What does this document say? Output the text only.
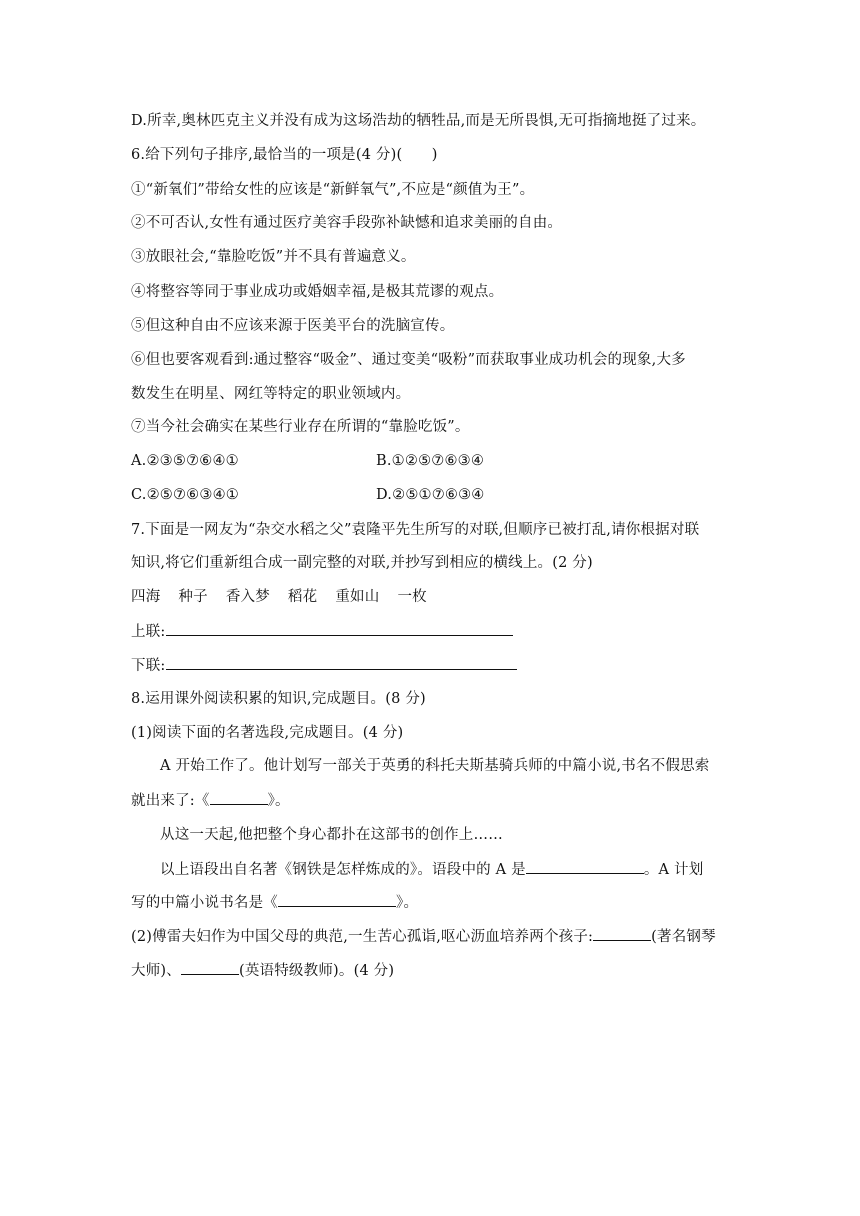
D.所幸,奥林匹克主义并没有成为这场浩劫的牺牲品,而是无所畏惧,无可指摘地挺了过来。
6.给下列句子排序,最恰当的一项是(4 分)(　　)
①“新氧们”带给女性的应该是“新鲜氧气”,不应是“颜值为王”。
②不可否认,女性有通过医疗美容手段弥补缺憾和追求美丽的自由。
③放眼社会,“靠脸吃饭”并不具有普遍意义。
④将整容等同于事业成功或婚姻幸福,是极其荒谬的观点。
⑤但这种自由不应该来源于医美平台的洗脑宣传。
⑥但也要客观看到:通过整容“吸金”、通过变美“吸粉”而获取事业成功机会的现象,大多
数发生在明星、网红等特定的职业领域内。
⑦当今社会确实在某些行业存在所谓的“靠脸吃饭”。
A.②③⑤⑦⑥④①	B.①②⑤⑦⑥③④
C.②⑤⑦⑥③④①	D.②⑤①⑦⑥③④
7.下面是一网友为“杂交水稻之父”袁隆平先生所写的对联,但顺序已被打乱,请你根据对联
知识,将它们重新组合成一副完整的对联,并抄写到相应的横线上。(2 分)
四海 种子 香入梦 稻花 重如山 一枚
上联:
下联:
8.运用课外阅读积累的知识,完成题目。(8 分)
(1)阅读下面的名著选段,完成题目。(4 分)
A 开始工作了。他计划写一部关于英勇的科托夫斯基骑兵师的中篇小说,书名不假思索
就出来了:《	》。
从这一天起,他把整个身心都扑在这部书的创作上……
以上语段出自名著《钢铁是怎样炼成的》。语段中的 A 是	。A 计划
写的中篇小说书名是《	》。
(2)傅雷夫妇作为中国父母的典范,一生苦心孤诣,呕心沥血培养两个孩子:	(著名钢琴
大师)、	(英语特级教师)。(4 分)
